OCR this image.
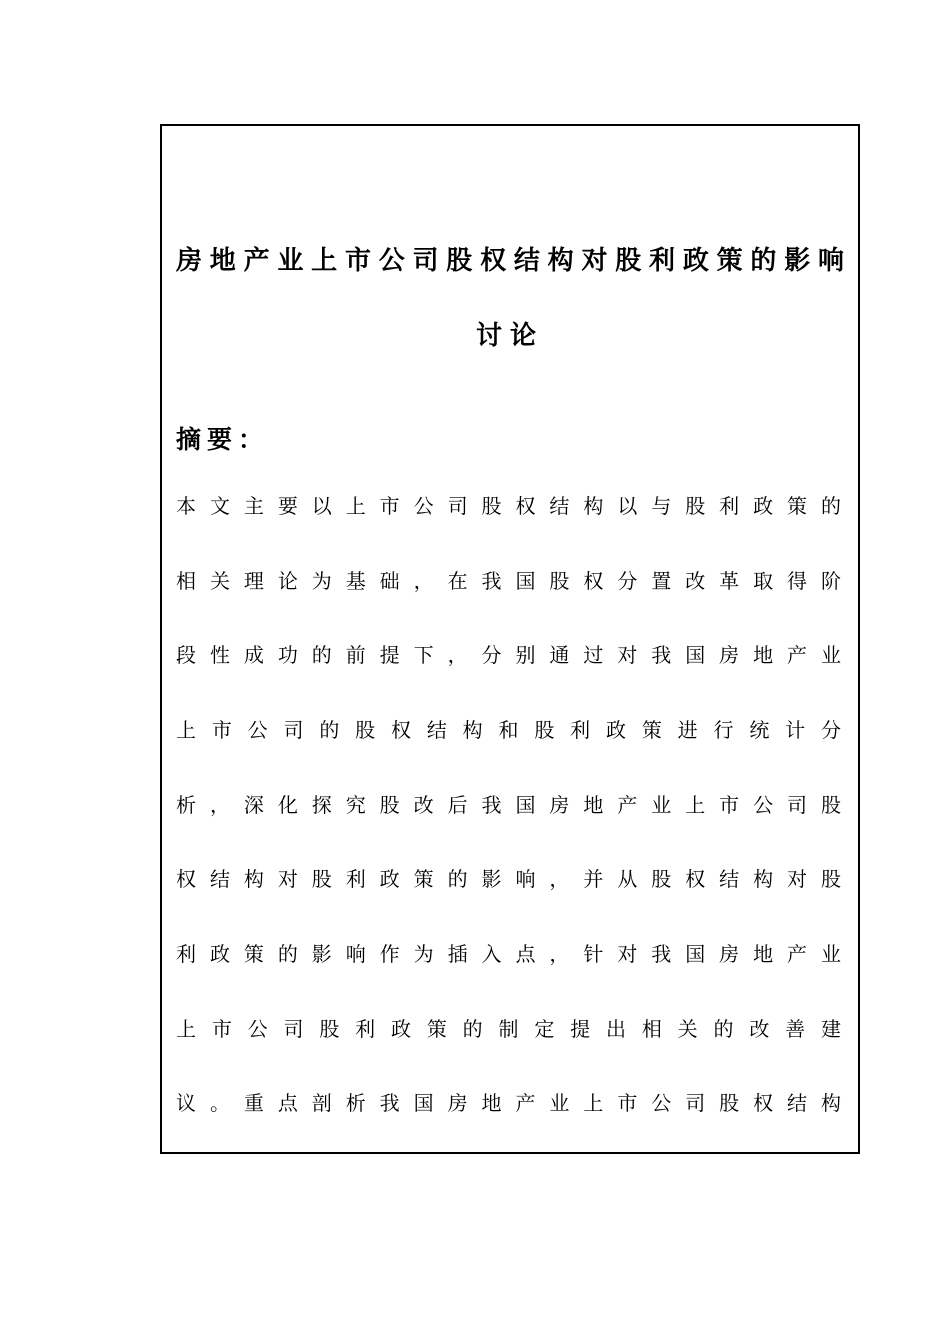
房地产业上市公司股权结构对股利政策的影响
讨论
摘要：
本文主要以上市公司股权结构以与股利政策的
相关理论为基础，在我国股权分置改革取得阶
段性成功的前提下，分别通过对我国房地产业
上市公司的股权结构和股利政策进行统计分
析，深化探究股改后我国房地产业上市公司股
权结构对股利政策的影响，并从股权结构对股
利政策的影响作为插入点，针对我国房地产业
上市公司股利政策的制定提出相关的改善建
议。重点剖析我国房地产业上市公司股权结构
